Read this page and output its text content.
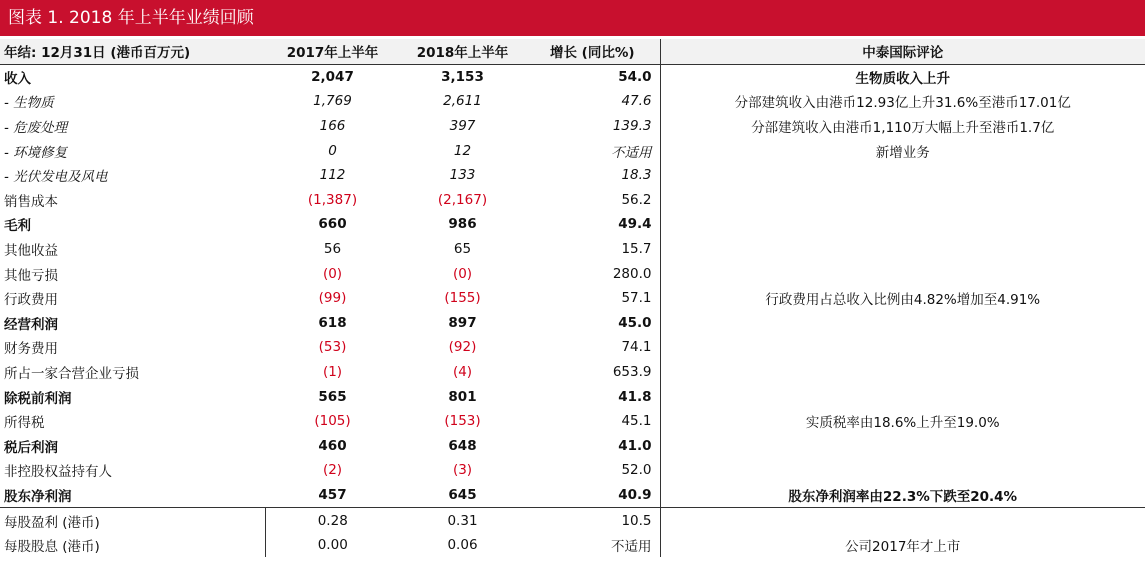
图表 1. 2018 年上半年业绩回顾
年结: 12月31日 (港币百万元)	2017年上半年	2018年上半年	增长 (同比%)	中泰国际评论
收入	2,047	3,153	54.0	生物质收入上升
- 生物质	1,769	2,611	47.6	分部建筑收入由港币12.93亿上升31.6%至港币17.01亿
- 危废处理	166	397	139.3	分部建筑收入由港币1,110万大幅上升至港币1.7亿
- 环境修复	0	12	不适用	新增业务
- 光伏发电及风电	112	133	18.3	
销售成本	(1,387)	(2,167)	56.2	
毛利	660	986	49.4	
其他收益	56	65	15.7	
其他亏损	(0)	(0)	280.0	
行政费用	(99)	(155)	57.1	行政费用占总收入比例由4.82%增加至4.91%
经营利润	618	897	45.0	
财务费用	(53)	(92)	74.1	
所占一家合营企业亏损	(1)	(4)	653.9	
除税前利润	565	801	41.8	
所得税	(105)	(153)	45.1	实质税率由18.6%上升至19.0%
税后利润	460	648	41.0	
非控股权益持有人	(2)	(3)	52.0	
股东净利润	457	645	40.9	股东净利润率由22.3%下跌至20.4%
每股盈利 (港币)	0.28	0.31	10.5	
每股股息 (港币)	0.00	0.06	不适用	公司2017年才上市
